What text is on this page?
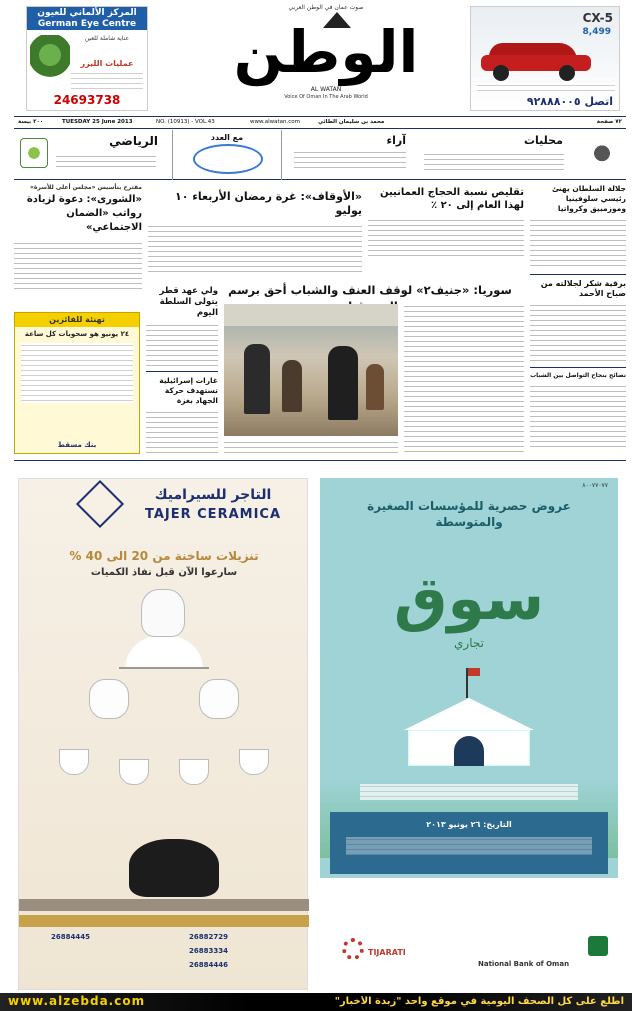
المركز الألماني للعيون
German Eye Centre
عناية شاملة للعين
عمليات الليزر
24693738
صوت عمان في الوطن العربي
الوطن
AL WATAN
Voice Of Oman In The Arab World
CX-5
8,499
اتصل ٩٢٨٨٨٠٠٥
٢٠٠ بيسة	TUESDAY 25 June 2013	NO. (10913) - VOL.43	www.alwatan.com	محمد بن سليمان الطائي	٧٢ صفحة
الرياضي	مع العدد	آراء	محليات
جلالة السلطان يهنئ رئيسي سلوفينيا وموزمبيق وكرواتيا
برقية شكر لجلالته من صباح الأحمد
نصائح بنجاح التواصل بين الشباب
تقليص نسبة الحجاج العمانيين لهذا العام إلى ٢٠ ٪
«الأوقاف»: غرة رمضان الأربعاء ١٠ يوليو
مقترح بتأسيس «مجلس أعلى للأسرة»
«الشورى»: دعوة لزيادة رواتب «الضمان الاجتماعي»
سوريا: «جنيف٢» لوقف العنف والشباب أحق برسم
ولي عهد قطر يتولى السلطة اليوم
غارات إسرائيلية تستهدف حركة الجهاد بغزة
تهنئة للفائزين
٢٤ يونيو هو سحوبات كل ساعة
بنك مسقط
التاجر للسيراميك
TAJER CERAMICA
تنزيلات ساخنة من 20 الى 40 %
سارعوا الآن قبل نفاذ الكميات
26884445	26882729
26883334
26884446
٨٠٠٧٧٠٧٧
عروض حصرية للمؤسسات الصغيرة والمتوسطة
سوق
تجاري
التاريخ: ٢٦ يونيو ٢٠١٣
TIJARATI
National Bank of Oman
www.alzebda.com	اطلع على كل الصحف اليومية في موقع واحد "زبدة الأخبار"
